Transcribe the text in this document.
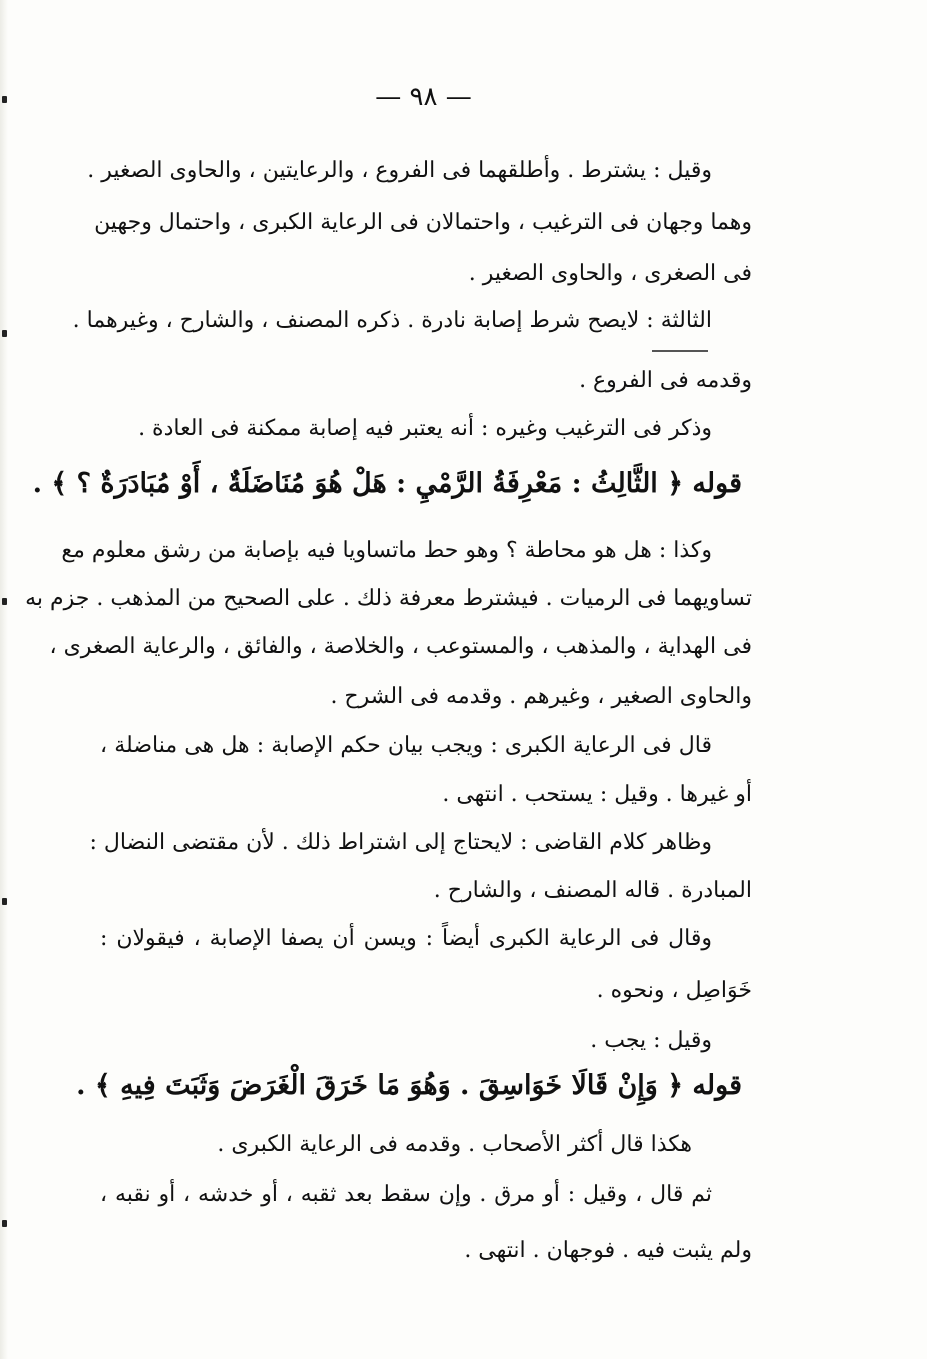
— ٩٨ —
وقيل : يشترط . وأطلقهما فى الفروع ، والرعايتين ، والحاوى الصغير .
وهما وجهان فى الترغيب ، واحتمالان فى الرعاية الكبرى ، واحتمال وجهين
فى الصغرى ، والحاوى الصغير .
الثالثة : لايصح شرط إصابة نادرة . ذكره المصنف ، والشارح ، وغيرهما .
وقدمه فى الفروع .
وذكر فى الترغيب وغيره : أنه يعتبر فيه إصابة ممكنة فى العادة .
قوله ﴿ الثَّالِثُ : مَعْرِفَةُ الرَّمْيِ : هَلْ هُوَ مُنَاضَلَةٌ ، أَوْ مُبَادَرَةٌ ؟ ﴾ .
وكذا : هل هو محاطة ؟ وهو حط ماتساويا فيه بإصابة من رشق معلوم مع
تساويهما فى الرميات . فيشترط معرفة ذلك . على الصحيح من المذهب . جزم به
فى الهداية ، والمذهب ، والمستوعب ، والخلاصة ، والفائق ، والرعاية الصغرى ،
والحاوى الصغير ، وغيرهم . وقدمه فى الشرح .
قال فى الرعاية الكبرى : ويجب بيان حكم الإصابة : هل هى مناضلة ،
أو غيرها . وقيل : يستحب . انتهى .
وظاهر كلام القاضى : لايحتاج إلى اشتراط ذلك . لأن مقتضى النضال :
المبادرة . قاله المصنف ، والشارح .
وقال فى الرعاية الكبرى أيضاً : ويسن أن يصفا الإصابة ، فيقولان :
خَوَاصِل ، ونحوه .
وقيل : يجب .
قوله ﴿ وَإِنْ قَالَا خَوَاسِقَ . وَهُوَ مَا خَرَقَ الْغَرَضَ وَثَبَتَ فِيهِ ﴾ .
هكذا قال أكثر الأصحاب . وقدمه فى الرعاية الكبرى .
ثم قال ، وقيل : أو مرق . وإن سقط بعد ثقبه ، أو خدشه ، أو نقبه ،
ولم يثبت فيه . فوجهان . انتهى .
